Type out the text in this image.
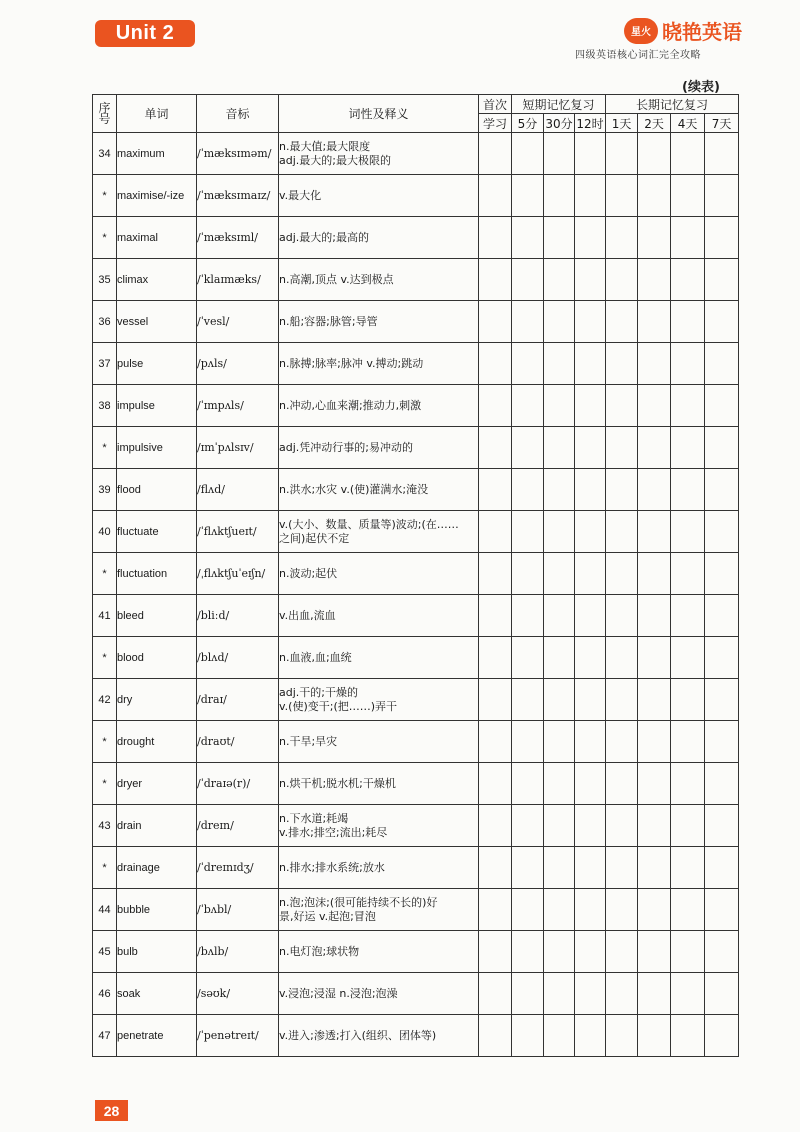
Unit 2	星火 晓艳英语
四级英语核心词汇完全攻略
(续表)
序号	单词	音标	词性及释义	首次	短期记忆复习			长期记忆复习			
				学习	5分	30分	12时	1天	2天	4天	7天
34	maximum	/ˈmæksɪməm/	n.最大值;最大限度
adj.最大的;最大极限的								

*	maximise/-ize	/ˈmæksɪmaɪz/	v.最大化								

*	maximal	/ˈmæksɪml/	adj.最大的;最高的								

35	climax	/ˈklaɪmæks/	n.高潮,顶点 v.达到极点								

36	vessel	/ˈvesl/	n.船;容器;脉管;导管								

37	pulse	/pʌls/	n.脉搏;脉率;脉冲 v.搏动;跳动								

38	impulse	/ˈɪmpʌls/	n.冲动,心血来潮;推动力,刺激								

*	impulsive	/ɪmˈpʌlsɪv/	adj.凭冲动行事的;易冲动的								

39	flood	/flʌd/	n.洪水;水灾 v.(使)灌满水;淹没								

40	fluctuate	/ˈflʌktʃueɪt/	v.(大小、数量、质量等)波动;(在……
之间)起伏不定								

*	fluctuation	/ˌflʌktʃuˈeɪʃn/	n.波动;起伏								

41	bleed	/bliːd/	v.出血,流血								

*	blood	/blʌd/	n.血液,血;血统								

42	dry	/draɪ/	adj.干的;干燥的
v.(使)变干;(把……)弄干								

*	drought	/draʊt/	n.干旱;旱灾								

*	dryer	/ˈdraɪə(r)/	n.烘干机;脱水机;干燥机								

43	drain	/dreɪn/	n.下水道;耗竭
v.排水;排空;流出;耗尽								

*	drainage	/ˈdreɪnɪdʒ/	n.排水;排水系统;放水								

44	bubble	/ˈbʌbl/	n.泡;泡沫;(很可能持续不长的)好
景,好运 v.起泡;冒泡								

45	bulb	/bʌlb/	n.电灯泡;球状物								

46	soak	/səʊk/	v.浸泡;浸湿 n.浸泡;泡澡								

47	penetrate	/ˈpenətreɪt/	v.进入;渗透;打入(组织、团体等)								

28
